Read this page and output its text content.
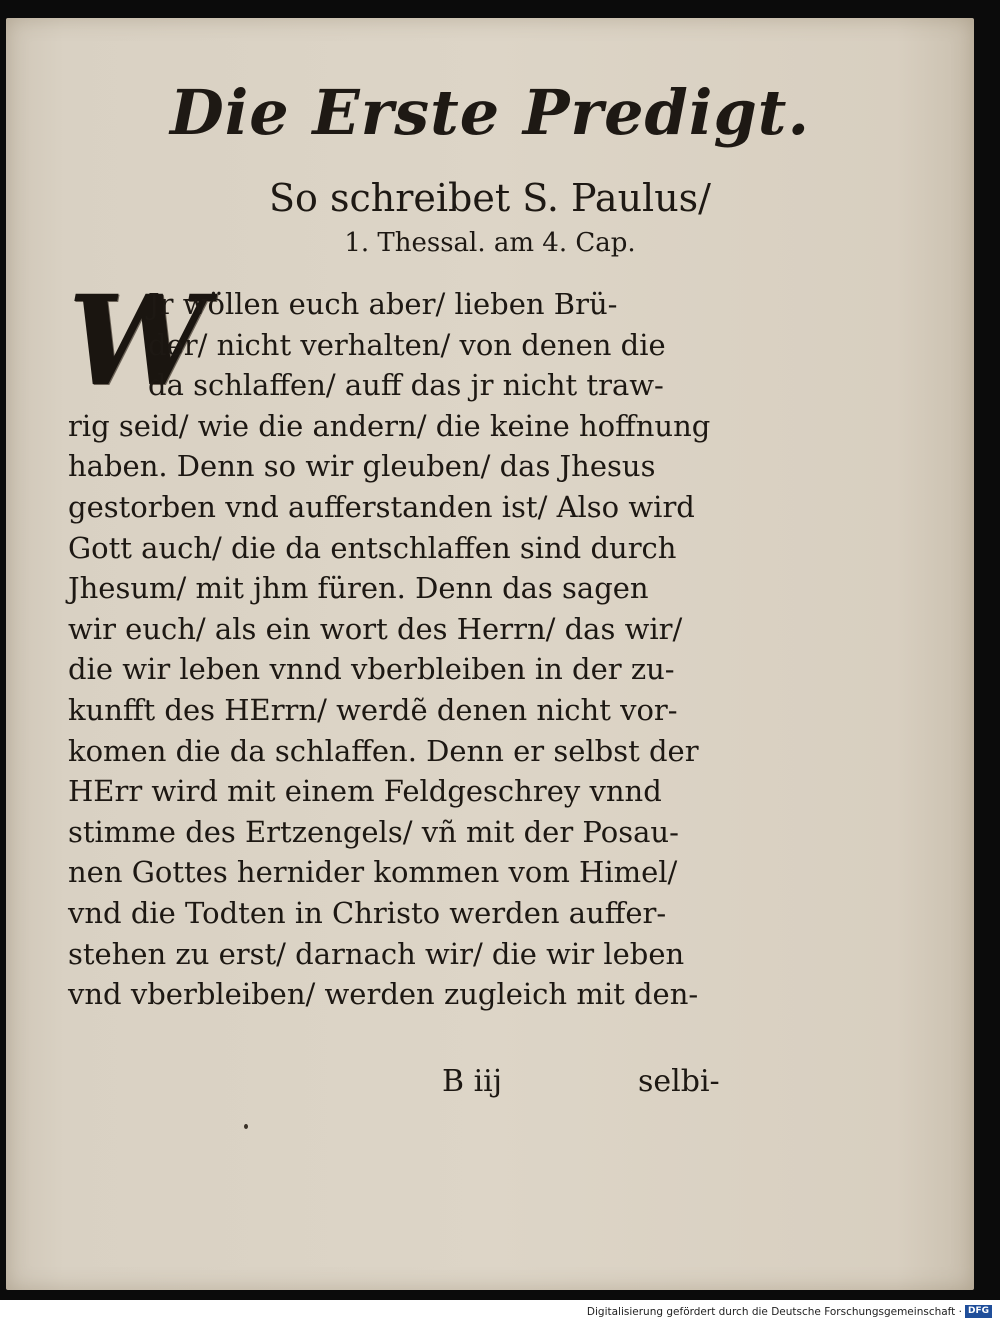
Die Erste Predigt.

So schreibet S. Paulus/

1. Thessal. am 4. Cap.

W
Jr wöllen euch aber/ lieben Brü-
der/ nicht verhalten/ von denen die
da schlaffen/ auff das jr nicht traw-
rig seid/ wie die andern/ die keine hoffnung
haben. Denn so wir gleuben/ das Jhesus
gestorben vnd aufferstanden ist/ Also wird
Gott auch/ die da entschlaffen sind durch
Jhesum/ mit jhm füren. Denn das sagen
wir euch/ als ein wort des Herrn/ das wir/
die wir leben vnnd vberbleiben in der zu-
kunfft des HErrn/ werdẽ denen nicht vor-
komen die da schlaffen. Denn er selbst der
HErr wird mit einem Feldgeschrey vnnd
stimme des Ertzengels/ vñ mit der Posau-
nen Gottes hernider kommen vom Himel/
vnd die Todten in Christo werden auffer-
stehen zu erst/ darnach wir/ die wir leben
vnd vberbleiben/ werden zugleich mit den-
B iij	selbi-
Digitalisierung gefördert durch die Deutsche Forschungsgemeinschaft · DFG
